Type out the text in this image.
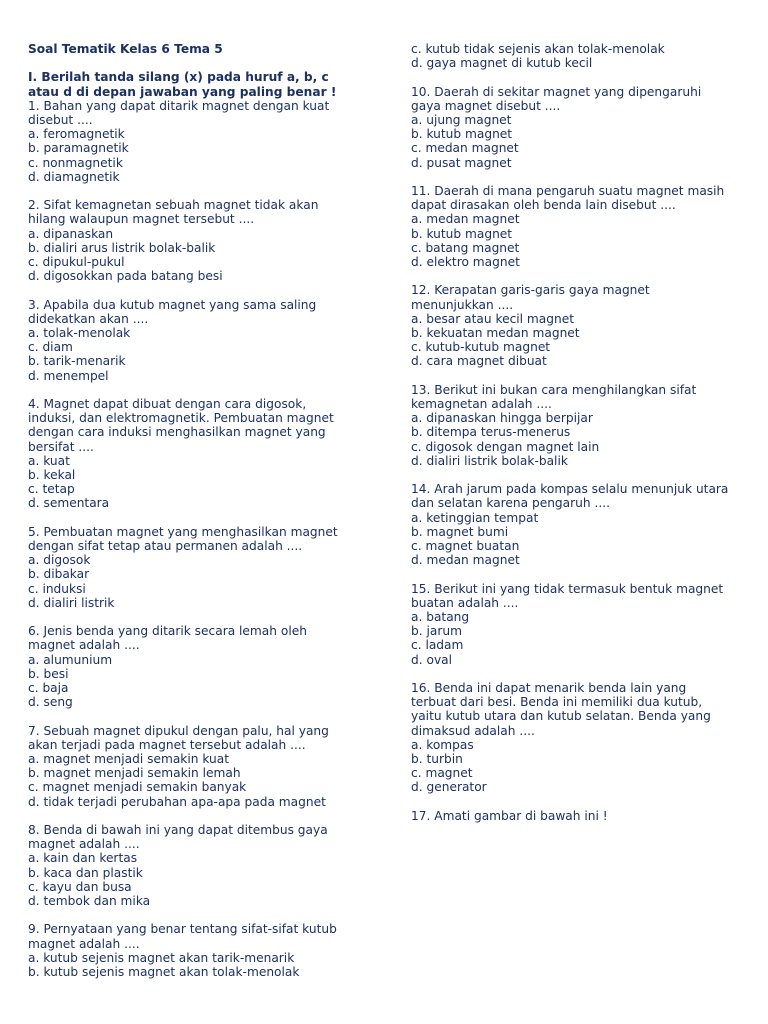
Soal Tematik Kelas 6 Tema 5
I. Berilah tanda silang (x) pada huruf a, b, c
atau d di depan jawaban yang paling benar !
1. Bahan yang dapat ditarik magnet dengan kuat
disebut ....
a. feromagnetik
b. paramagnetik
c. nonmagnetik
d. diamagnetik
2. Sifat kemagnetan sebuah magnet tidak akan
hilang walaupun magnet tersebut ....
a. dipanaskan
b. dialiri arus listrik bolak-balik
c. dipukul-pukul
d. digosokkan pada batang besi
3. Apabila dua kutub magnet yang sama saling
didekatkan akan ....
a. tolak-menolak
c. diam
b. tarik-menarik
d. menempel
4. Magnet dapat dibuat dengan cara digosok,
induksi, dan elektromagnetik. Pembuatan magnet
dengan cara induksi menghasilkan magnet yang
bersifat ....
a. kuat
b. kekal
c. tetap
d. sementara
5. Pembuatan magnet yang menghasilkan magnet
dengan sifat tetap atau permanen adalah ....
a. digosok
b. dibakar
c. induksi
d. dialiri listrik
6. Jenis benda yang ditarik secara lemah oleh
magnet adalah ....
a. alumunium
b. besi
c. baja
d. seng
7. Sebuah magnet dipukul dengan palu, hal yang
akan terjadi pada magnet tersebut adalah ....
a. magnet menjadi semakin kuat
b. magnet menjadi semakin lemah
c. magnet menjadi semakin banyak
d. tidak terjadi perubahan apa-apa pada magnet
8. Benda di bawah ini yang dapat ditembus gaya
magnet adalah ....
a. kain dan kertas
b. kaca dan plastik
c. kayu dan busa
d. tembok dan mika
9. Pernyataan yang benar tentang sifat-sifat kutub
magnet adalah ....
a. kutub sejenis magnet akan tarik-menarik
b. kutub sejenis magnet akan tolak-menolak
c. kutub tidak sejenis akan tolak-menolak
d. gaya magnet di kutub kecil
10. Daerah di sekitar magnet yang dipengaruhi
gaya magnet disebut ....
a. ujung magnet
b. kutub magnet
c. medan magnet
d. pusat magnet
11. Daerah di mana pengaruh suatu magnet masih
dapat dirasakan oleh benda lain disebut ....
a. medan magnet
b. kutub magnet
c. batang magnet
d. elektro magnet
12. Kerapatan garis-garis gaya magnet
menunjukkan ....
a. besar atau kecil magnet
b. kekuatan medan magnet
c. kutub-kutub magnet
d. cara magnet dibuat
13. Berikut ini bukan cara menghilangkan sifat
kemagnetan adalah ....
a. dipanaskan hingga berpijar
b. ditempa terus-menerus
c. digosok dengan magnet lain
d. dialiri listrik bolak-balik
14. Arah jarum pada kompas selalu menunjuk utara
dan selatan karena pengaruh ....
a. ketinggian tempat
b. magnet bumi
c. magnet buatan
d. medan magnet
15. Berikut ini yang tidak termasuk bentuk magnet
buatan adalah ....
a. batang
b. jarum
c. ladam
d. oval
16. Benda ini dapat menarik benda lain yang
terbuat dari besi. Benda ini memiliki dua kutub,
yaitu kutub utara dan kutub selatan. Benda yang
dimaksud adalah ....
a. kompas
b. turbin
c. magnet
d. generator
17. Amati gambar di bawah ini !
